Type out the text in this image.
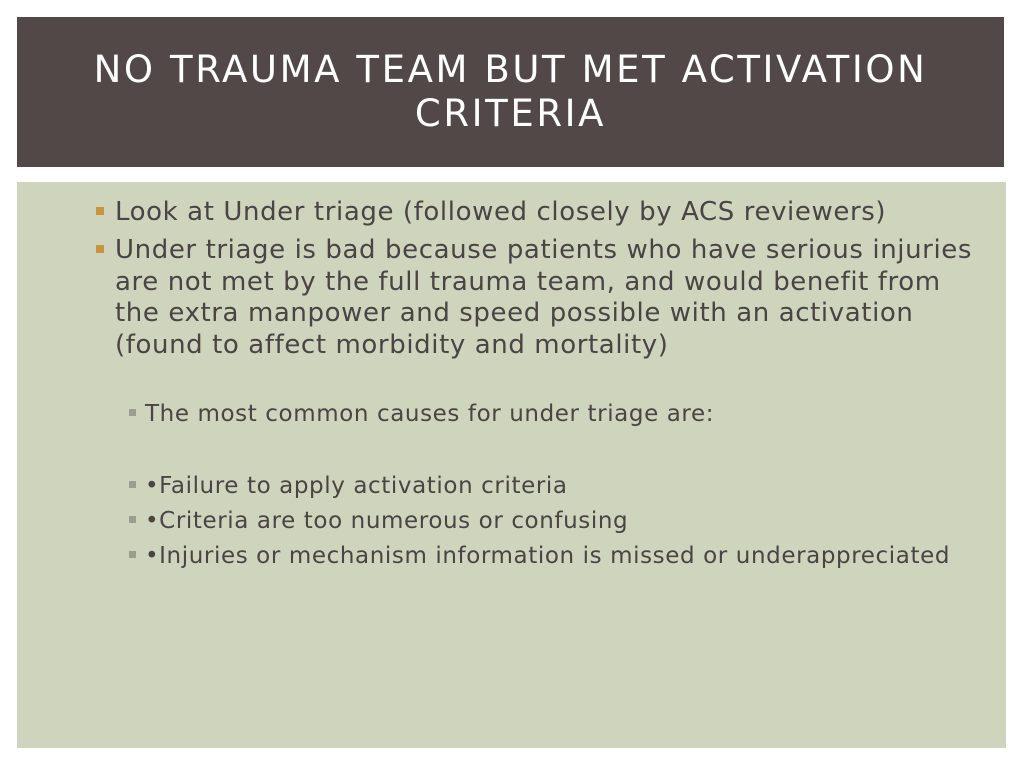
NO TRAUMA TEAM BUT MET ACTIVATION CRITERIA
Look at Under triage (followed closely by ACS reviewers)
Under triage is bad because patients who have serious injuries are not met by the full trauma team, and would benefit from the extra manpower and speed possible with an activation (found to affect morbidity and mortality)
The most common causes for under triage are:
•Failure to apply activation criteria
•Criteria are too numerous or confusing
•Injuries or mechanism information is missed or underappreciated
